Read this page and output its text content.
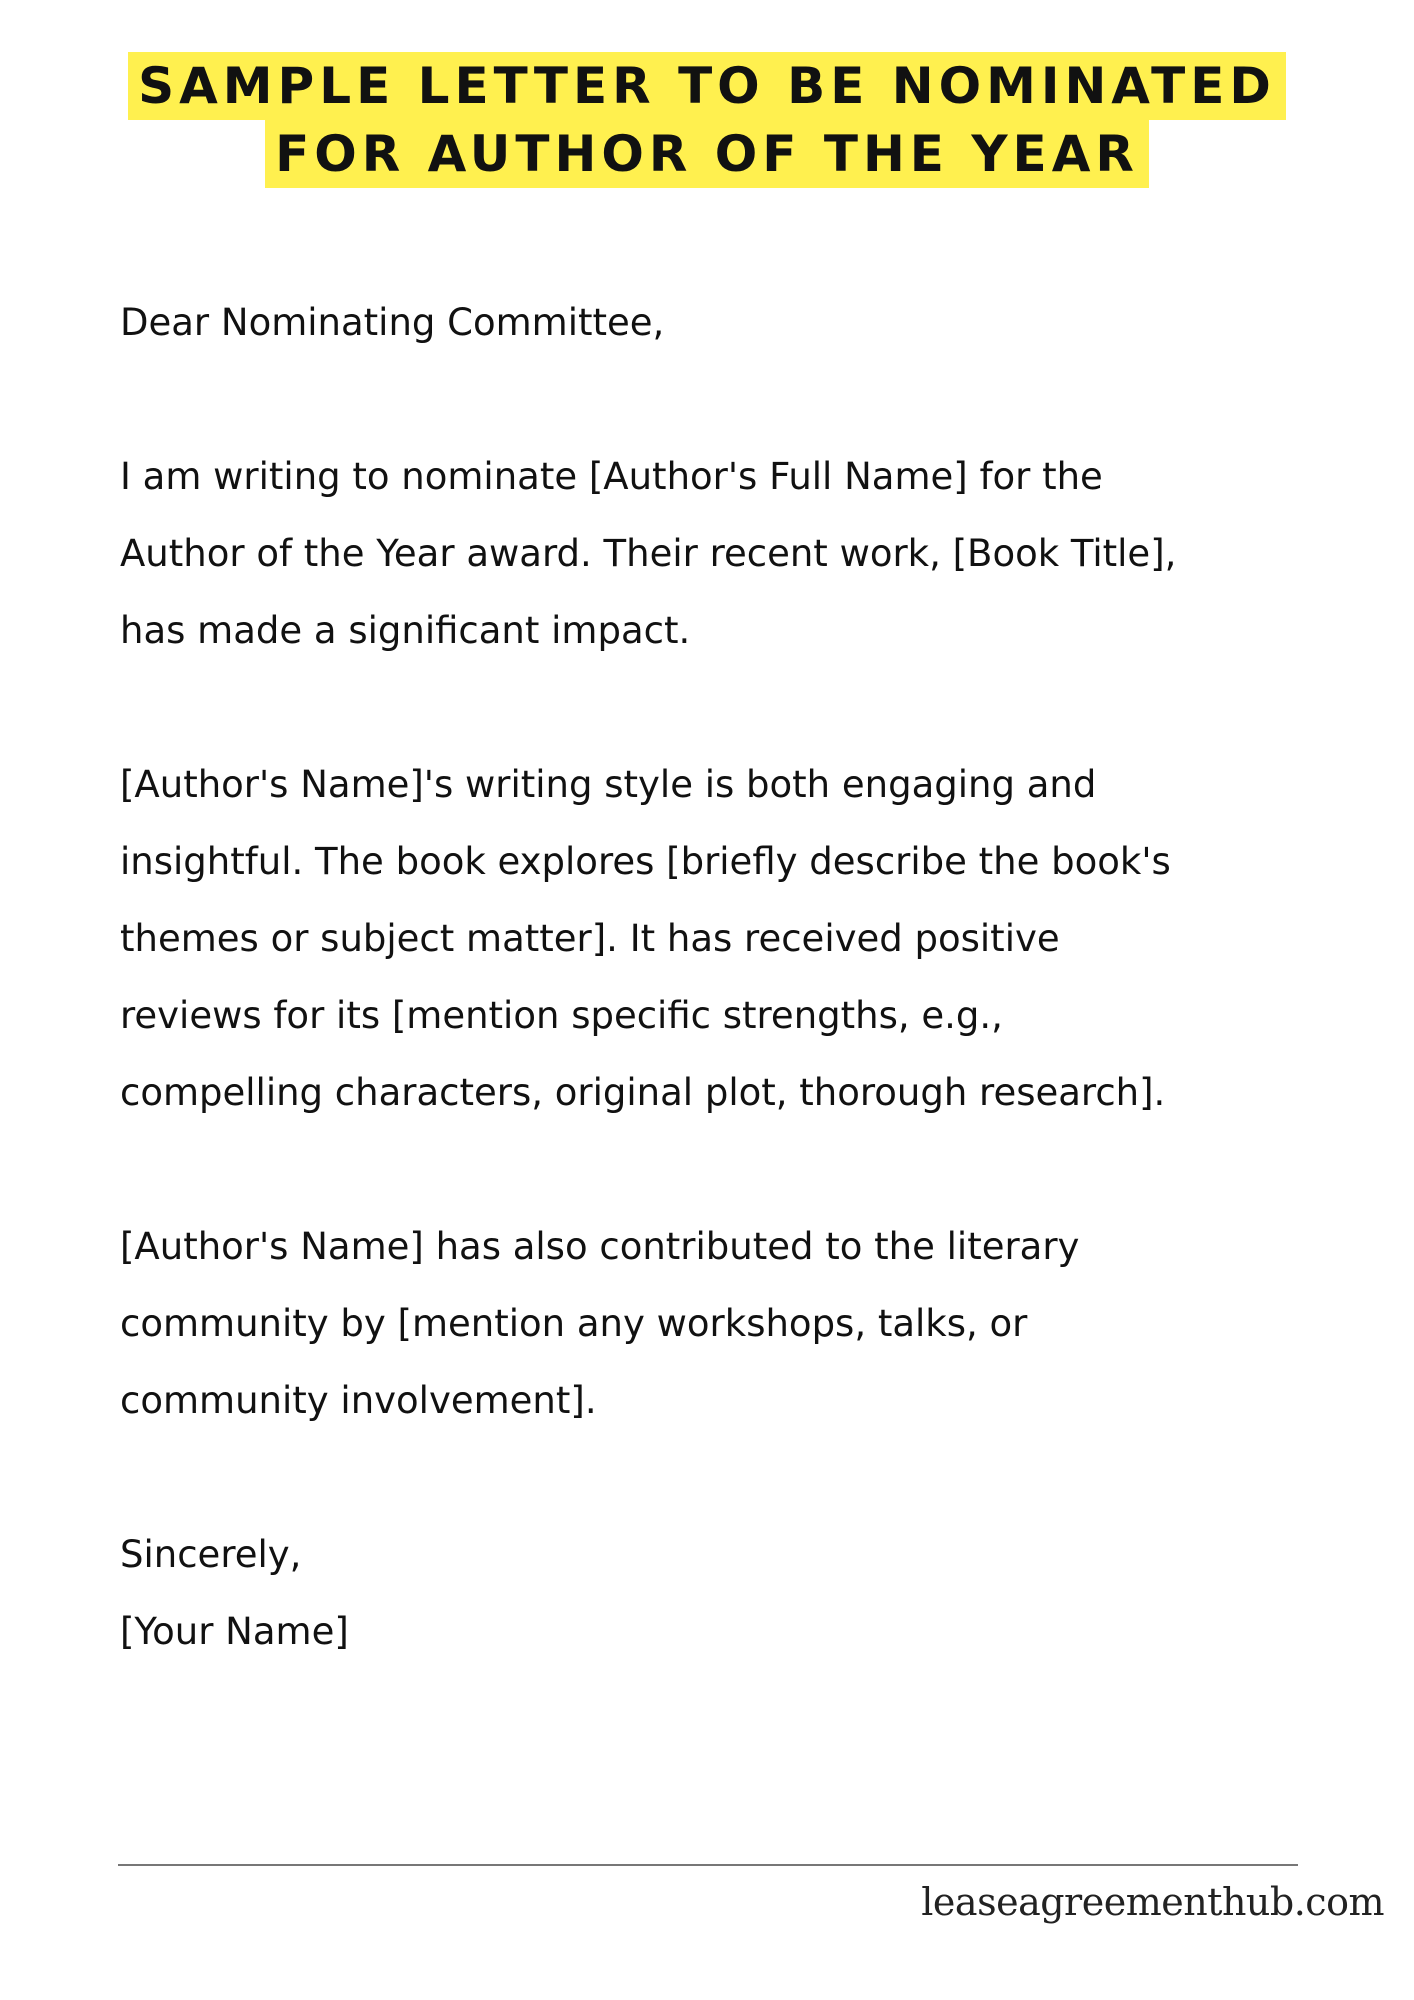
SAMPLE LETTER TO BE NOMINATED
FOR AUTHOR OF THE YEAR

Dear Nominating Committee,

I am writing to nominate [Author's Full Name] for the
Author of the Year award. Their recent work, [Book Title],
has made a significant impact.

[Author's Name]'s writing style is both engaging and
insightful. The book explores [briefly describe the book's
themes or subject matter]. It has received positive
reviews for its [mention specific strengths, e.g.,
compelling characters, original plot, thorough research].

[Author's Name] has also contributed to the literary
community by [mention any workshops, talks, or
community involvement].

Sincerely,
[Your Name]

leaseagreementhub.com
